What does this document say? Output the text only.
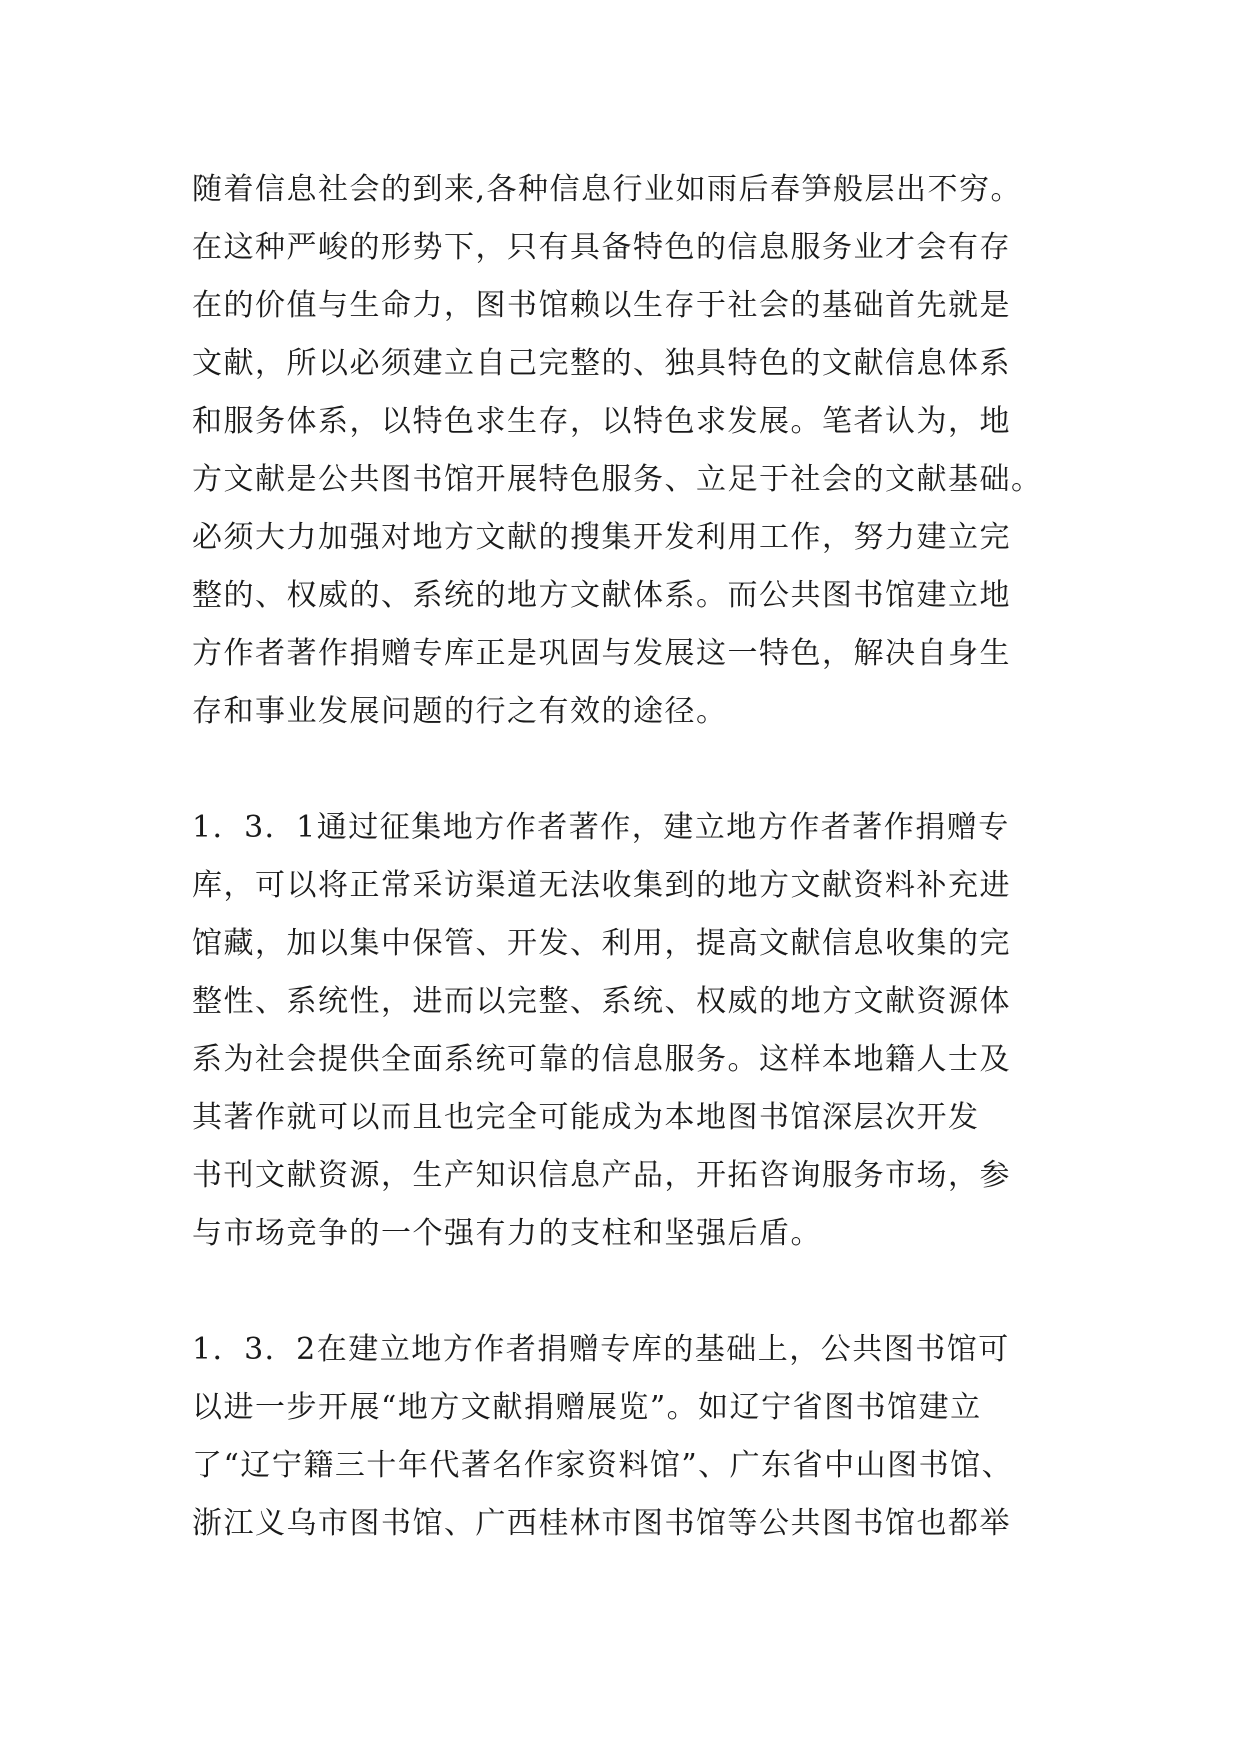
随着信息社会的到来,各种信息行业如雨后春笋般层出不穷。
在这种严峻的形势下，只有具备特色的信息服务业才会有存
在的价值与生命力，图书馆赖以生存于社会的基础首先就是
文献，所以必须建立自己完整的、独具特色的文献信息体系
和服务体系，以特色求生存，以特色求发展。笔者认为，地
方文献是公共图书馆开展特色服务、立足于社会的文献基础。
必须大力加强对地方文献的搜集开发利用工作，努力建立完
整的、权威的、系统的地方文献体系。而公共图书馆建立地
方作者著作捐赠专库正是巩固与发展这一特色，解决自身生
存和事业发展问题的行之有效的途径。
1．3．1通过征集地方作者著作，建立地方作者著作捐赠专
库，可以将正常采访渠道无法收集到的地方文献资料补充进
馆藏，加以集中保管、开发、利用，提高文献信息收集的完
整性、系统性，进而以完整、系统、权威的地方文献资源体
系为社会提供全面系统可靠的信息服务。这样本地籍人士及
其著作就可以而且也完全可能成为本地图书馆深层次开发
书刊文献资源，生产知识信息产品，开拓咨询服务市场，参
与市场竞争的一个强有力的支柱和坚强后盾。
1．3．2在建立地方作者捐赠专库的基础上，公共图书馆可
以进一步开展“地方文献捐赠展览”。如辽宁省图书馆建立
了“辽宁籍三十年代著名作家资料馆”、广东省中山图书馆、
浙江义乌市图书馆、广西桂林市图书馆等公共图书馆也都举
